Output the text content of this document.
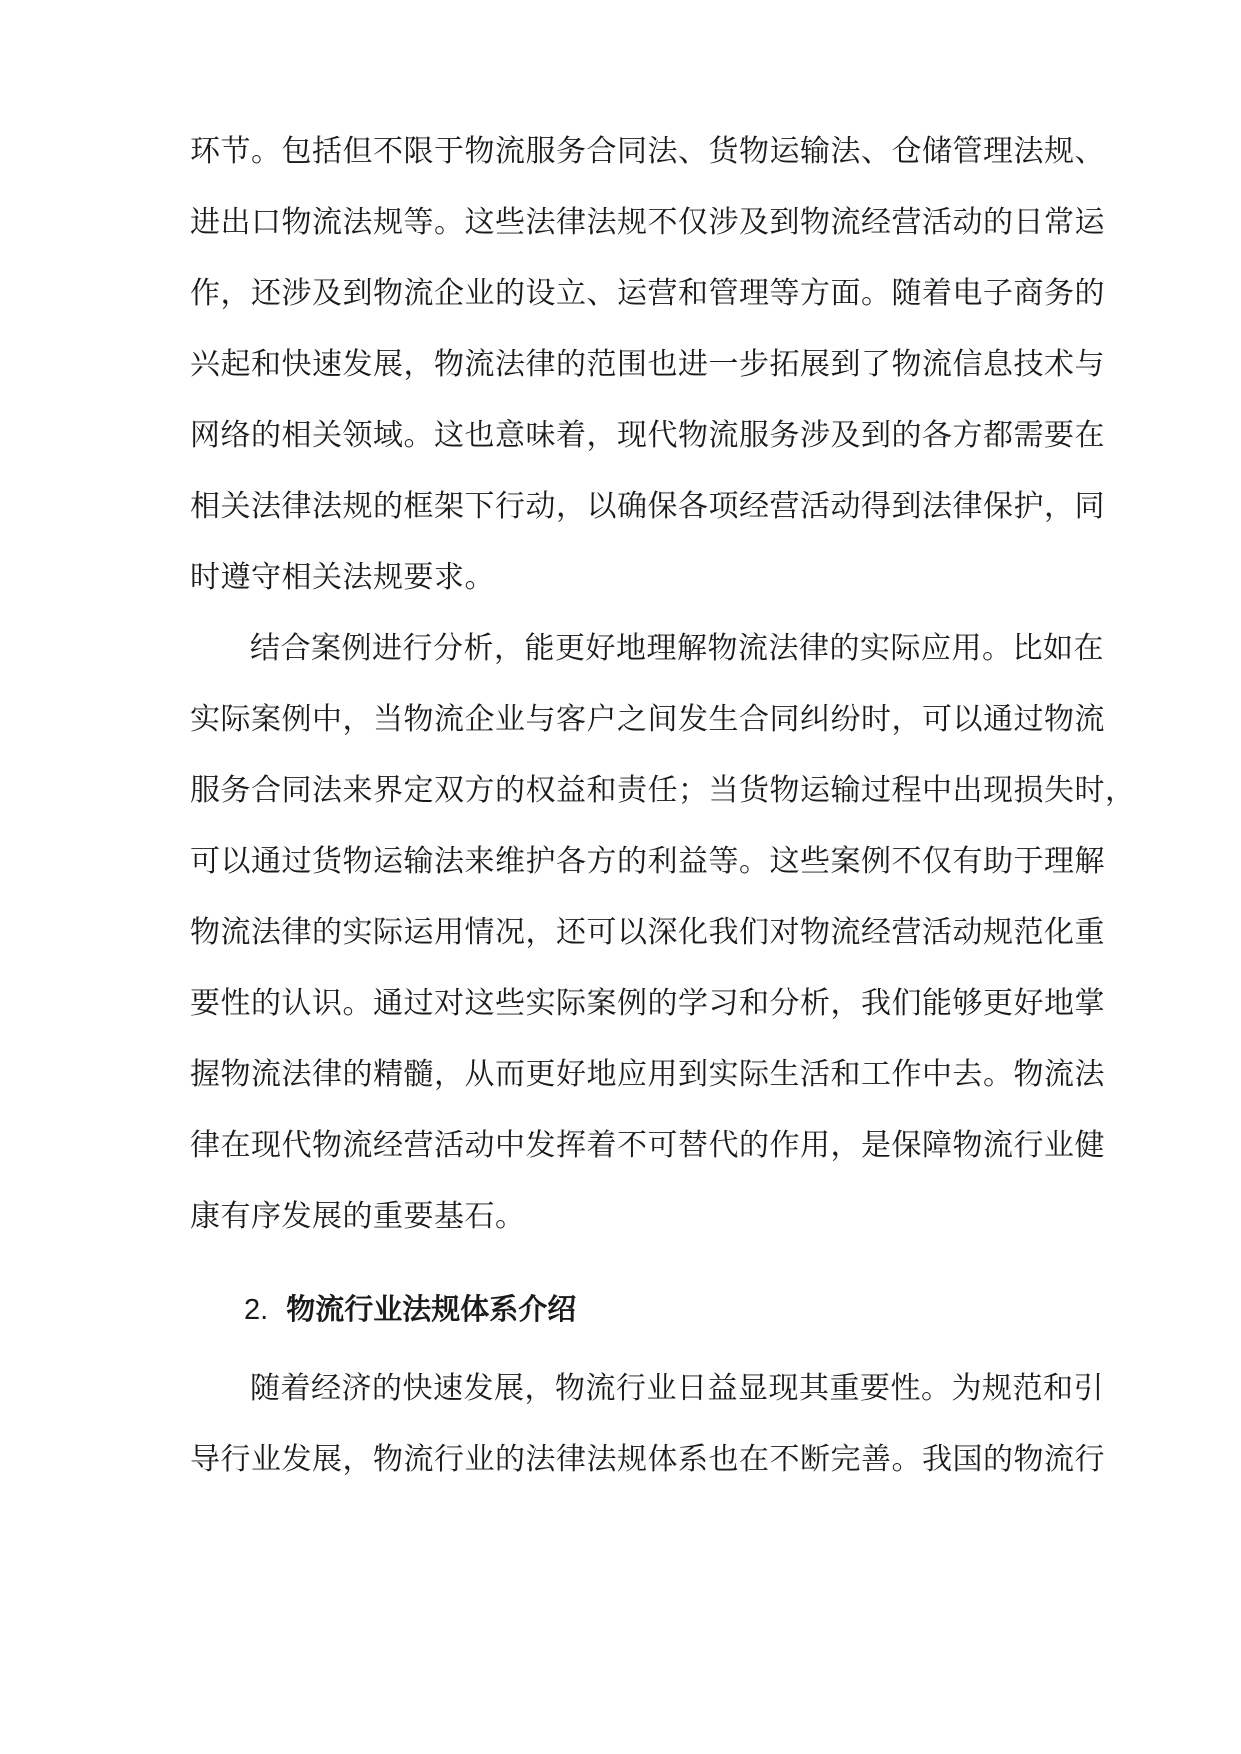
环节。包括但不限于物流服务合同法、货物运输法、仓储管理法规、
进出口物流法规等。这些法律法规不仅涉及到物流经营活动的日常运
作，还涉及到物流企业的设立、运营和管理等方面。随着电子商务的
兴起和快速发展，物流法律的范围也进一步拓展到了物流信息技术与
网络的相关领域。这也意味着，现代物流服务涉及到的各方都需要在
相关法律法规的框架下行动，以确保各项经营活动得到法律保护，同
时遵守相关法规要求。
结合案例进行分析，能更好地理解物流法律的实际应用。比如在
实际案例中，当物流企业与客户之间发生合同纠纷时，可以通过物流
服务合同法来界定双方的权益和责任；当货物运输过程中出现损失时，
可以通过货物运输法来维护各方的利益等。这些案例不仅有助于理解
物流法律的实际运用情况，还可以深化我们对物流经营活动规范化重
要性的认识。通过对这些实际案例的学习和分析，我们能够更好地掌
握物流法律的精髓，从而更好地应用到实际生活和工作中去。物流法
律在现代物流经营活动中发挥着不可替代的作用，是保障物流行业健
康有序发展的重要基石。
2. 物流行业法规体系介绍
随着经济的快速发展，物流行业日益显现其重要性。为规范和引
导行业发展，物流行业的法律法规体系也在不断完善。我国的物流行
